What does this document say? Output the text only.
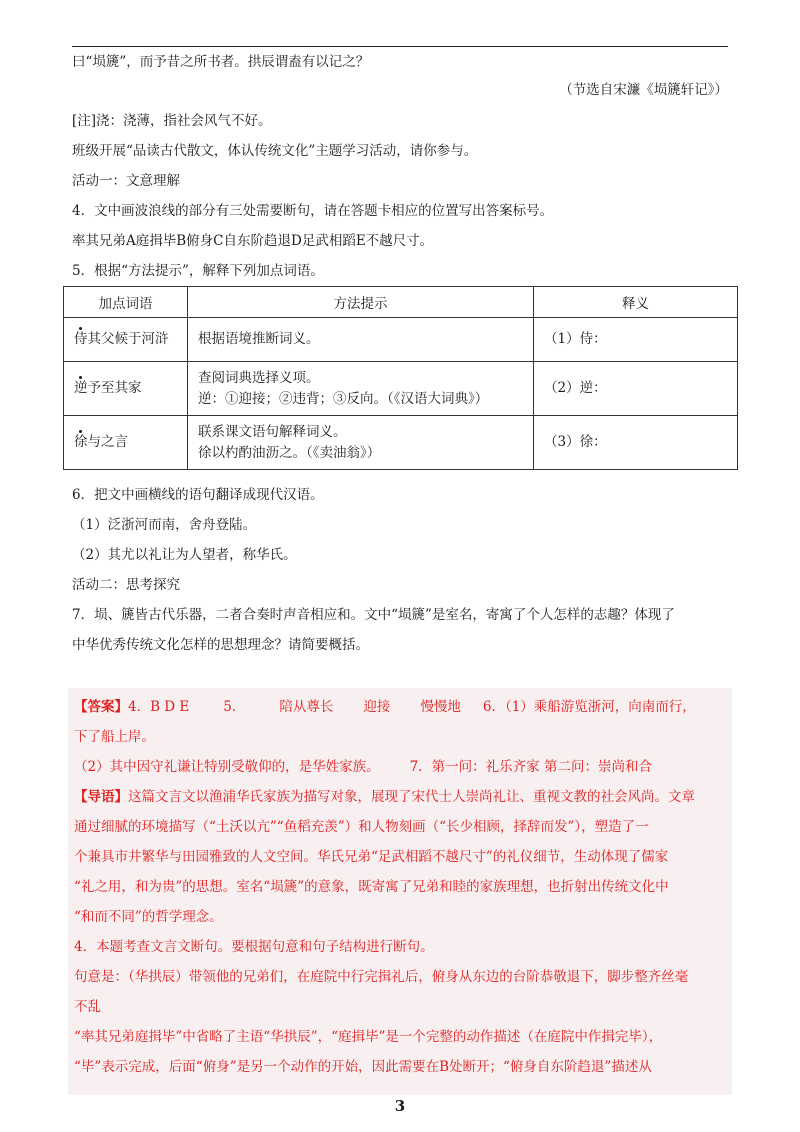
曰“埙篪”，而予昔之所书者。拱辰谓盍有以记之？
（节选自宋濂《埙篪轩记》）
[注]浇：浇薄，指社会风气不好。
班级开展“品读古代散文，体认传统文化”主题学习活动，请你参与。
活动一：文意理解
4．文中画波浪线的部分有三处需要断句，请在答题卡相应的位置写出答案标号。
率其兄弟A庭揖毕B俯身C自东阶趋退D足武相蹈E不越尺寸。
5．根据“方法提示”，解释下列加点词语。
加点词语	方法提示	释义
侍其父候于河浒	根据语境推断词义。	（1）侍：
逆予至其家	查阅词典选择义项。
逆：①迎接；②违背；③反向。（《汉语大词典》）	（2）逆：
徐与之言	联系课文语句解释词义。
徐以杓酌油沥之。（《卖油翁》）	（3）徐：
6．把文中画横线的语句翻译成现代汉语。
（1）泛浙河而南，舍舟登陆。
（2）其尤以礼让为人望者，称华氏。
活动二：思考探究
7．埙、篪皆古代乐器，二者合奏时声音相应和。文中“埙篪”是室名，寄寓了个人怎样的志趣？体现了
中华优秀传统文化怎样的思想理念？请简要概括。
【答案】4．B D E	5．	陪从尊长 迎接 慢慢地 6．（1）乘船游览浙河，向南而行，
下了船上岸。
（2）其中因守礼谦让特别受敬仰的，是华姓家族。 7．第一问：礼乐齐家 第二问：崇尚和合
【导语】这篇文言文以渔浦华氏家族为描写对象，展现了宋代士人崇尚礼让、重视文教的社会风尚。文章
通过细腻的环境描写（“土沃以亢”“鱼稻充羡”）和人物刻画（“长少相顾，择辞而发”），塑造了一
个兼具市井繁华与田园雅致的人文空间。华氏兄弟“足武相蹈不越尺寸”的礼仪细节，生动体现了儒家
“礼之用，和为贵”的思想。室名“埙篪”的意象，既寄寓了兄弟和睦的家族理想，也折射出传统文化中
“和而不同”的哲学理念。
4．本题考查文言文断句。要根据句意和句子结构进行断句。
句意是：（华拱辰）带领他的兄弟们，在庭院中行完揖礼后，俯身从东边的台阶恭敬退下，脚步整齐丝毫
不乱
“率其兄弟庭揖毕”中省略了主语“华拱辰”，“庭揖毕”是一个完整的动作描述（在庭院中作揖完毕），
“毕”表示完成，后面“俯身”是另一个动作的开始，因此需要在B处断开；“俯身自东阶趋退”描述从
3
